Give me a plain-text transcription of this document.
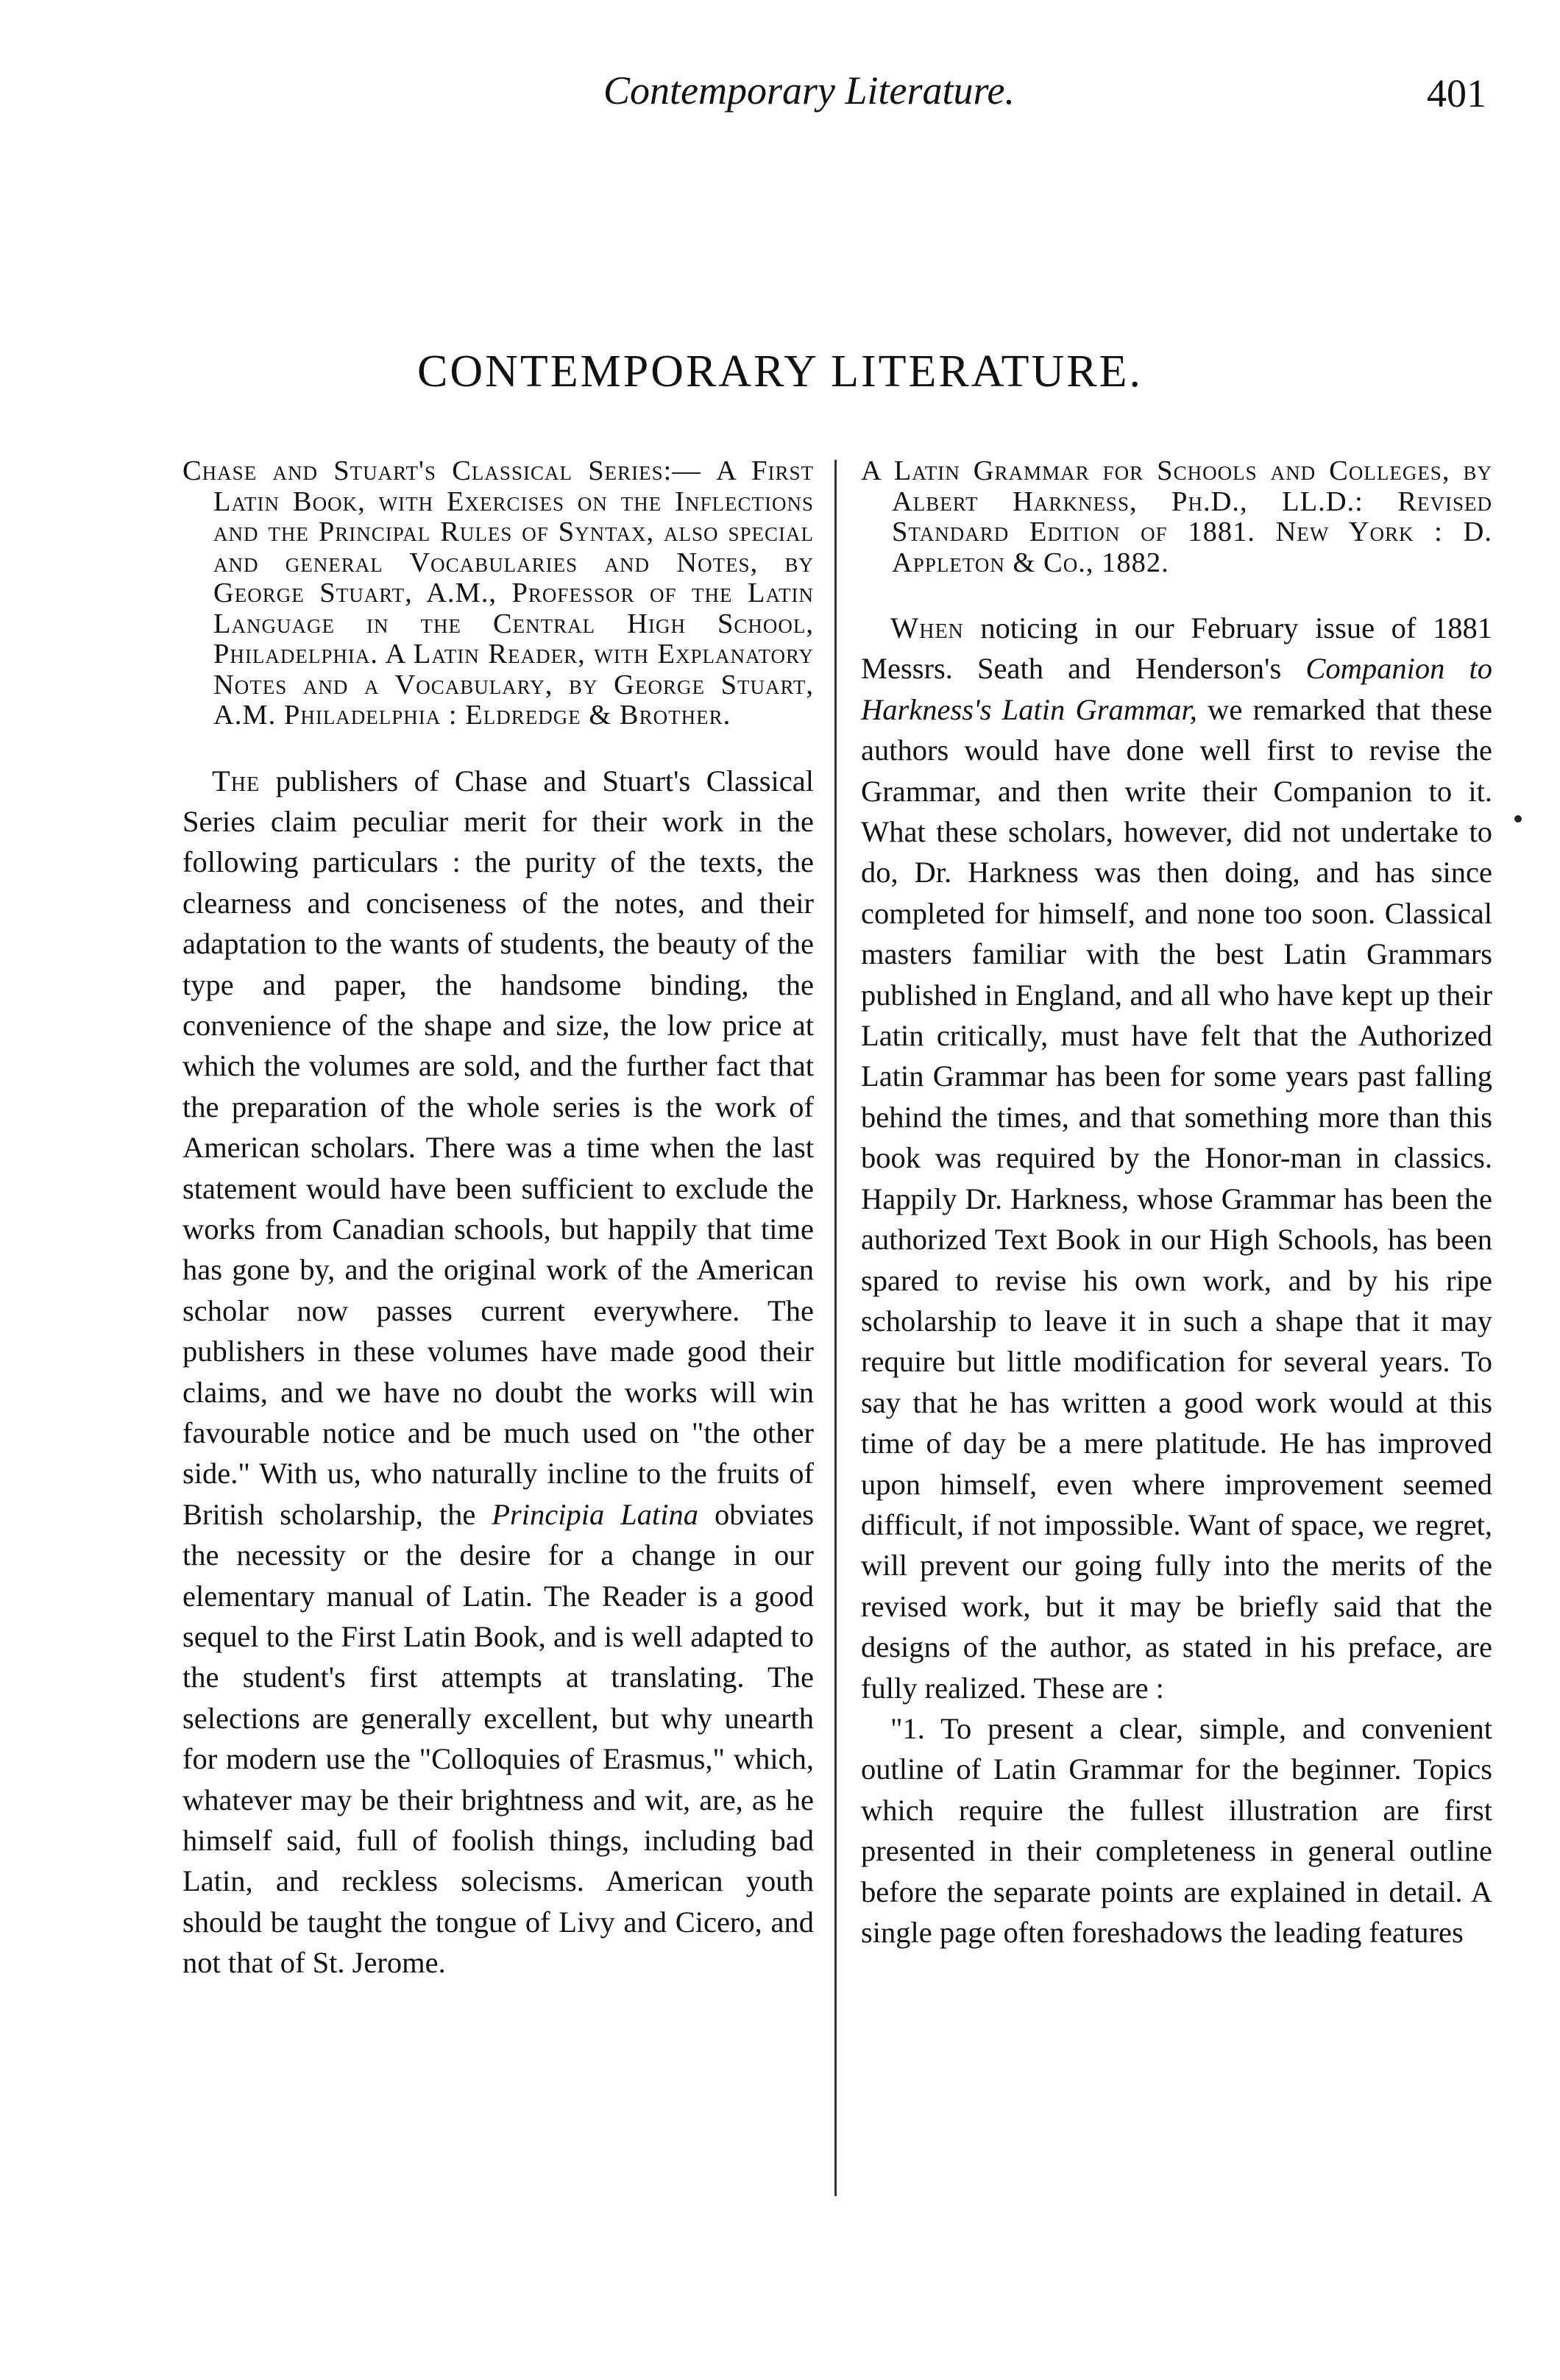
Contemporary Literature.	401
CONTEMPORARY LITERATURE.

Chase and Stuart's Classical Series:— A First Latin Book, with Exercises on the Inflections and the Principal Rules of Syntax, also special and general Vocabularies and Notes, by George Stuart, A.M., Professor of the Latin Language in the Central High School, Philadelphia. A Latin Reader, with Explanatory Notes and a Vocabulary, by George Stuart, A.M. Philadelphia : Eldredge & Brother.

The publishers of Chase and Stuart's Classical Series claim peculiar merit for their work in the following particulars : the purity of the texts, the clearness and conciseness of the notes, and their adaptation to the wants of students, the beauty of the type and paper, the handsome binding, the convenience of the shape and size, the low price at which the volumes are sold, and the further fact that the preparation of the whole series is the work of American scholars. There was a time when the last statement would have been sufficient to exclude the works from Canadian schools, but happily that time has gone by, and the original work of the American scholar now passes current everywhere. The publishers in these volumes have made good their claims, and we have no doubt the works will win favourable notice and be much used on "the other side." With us, who naturally incline to the fruits of British scholarship, the Principia Latina obviates the necessity or the desire for a change in our elementary manual of Latin. The Reader is a good sequel to the First Latin Book, and is well adapted to the student's first attempts at translating. The selections are generally excellent, but why unearth for modern use the "Colloquies of Erasmus," which, whatever may be their brightness and wit, are, as he himself said, full of foolish things, including bad Latin, and reckless solecisms. American youth should be taught the tongue of Livy and Cicero, and not that of St. Jerome.

A Latin Grammar for Schools and Colleges, by Albert Harkness, Ph.D., LL.D.: Revised Standard Edition of 1881. New York : D. Appleton & Co., 1882.

When noticing in our February issue of 1881 Messrs. Seath and Henderson's Companion to Harkness's Latin Grammar, we remarked that these authors would have done well first to revise the Grammar, and then write their Companion to it. What these scholars, however, did not undertake to do, Dr. Harkness was then doing, and has since completed for himself, and none too soon. Classical masters familiar with the best Latin Grammars published in England, and all who have kept up their Latin critically, must have felt that the Authorized Latin Grammar has been for some years past falling behind the times, and that something more than this book was required by the Honor-man in classics. Happily Dr. Harkness, whose Grammar has been the authorized Text Book in our High Schools, has been spared to revise his own work, and by his ripe scholarship to leave it in such a shape that it may require but little modification for several years. To say that he has written a good work would at this time of day be a mere platitude. He has improved upon himself, even where improvement seemed difficult, if not impossible. Want of space, we regret, will prevent our going fully into the merits of the revised work, but it may be briefly said that the designs of the author, as stated in his preface, are fully realized. These are :

"1. To present a clear, simple, and convenient outline of Latin Grammar for the beginner. Topics which require the fullest illustration are first presented in their completeness in general outline before the separate points are explained in detail. A single page often foreshadows the leading features
